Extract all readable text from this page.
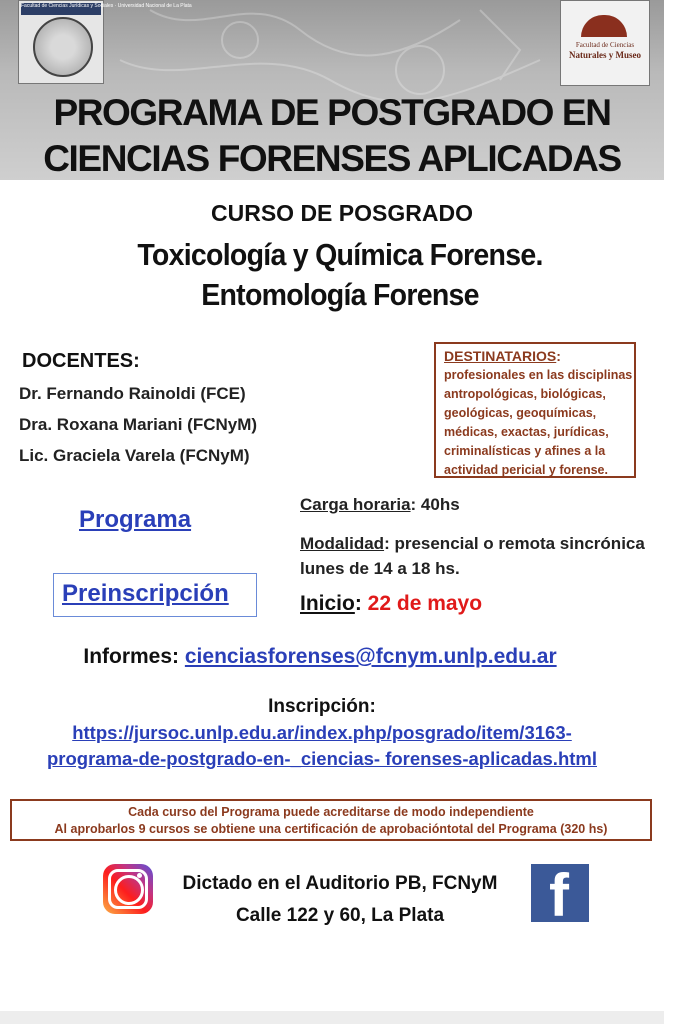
Facultad de Ciencias Jurídicas y Sociales · Universidad Nacional de La Plata
Facultad de Ciencias
Naturales y Museo
PROGRAMA DE POSTGRADO EN
CIENCIAS FORENSES APLICADAS
CURSO DE POSGRADO
Toxicología y Química Forense.
Entomología Forense
DOCENTES:
Dr. Fernando Rainoldi (FCE)
Dra. Roxana Mariani (FCNyM)
Lic. Graciela Varela (FCNyM)
DESTINATARIOS:
profesionales en las disciplinas
antropológicas, biológicas,
geológicas, geoquímicas,
médicas, exactas, jurídicas,
criminalísticas y afines a la
actividad pericial y forense.
Programa
Preinscripción
Carga horaria: 40hs
Modalidad: presencial o remota sincrónica
lunes de 14 a 18 hs.
Inicio: 22 de mayo
Informes: cienciasforenses@fcnym.unlp.edu.ar
Inscripción:
https://jursoc.unlp.edu.ar/index.php/posgrado/item/3163-
programa-de-postgrado-en-_ciencias- forenses-aplicadas.html
Cada curso del Programa puede acreditarse de modo independiente
Al aprobarlos 9 cursos se obtiene una certificación de aprobacióntotal del Programa (320 hs)
Dictado en el Auditorio PB, FCNyM
Calle 122 y 60, La Plata	f
